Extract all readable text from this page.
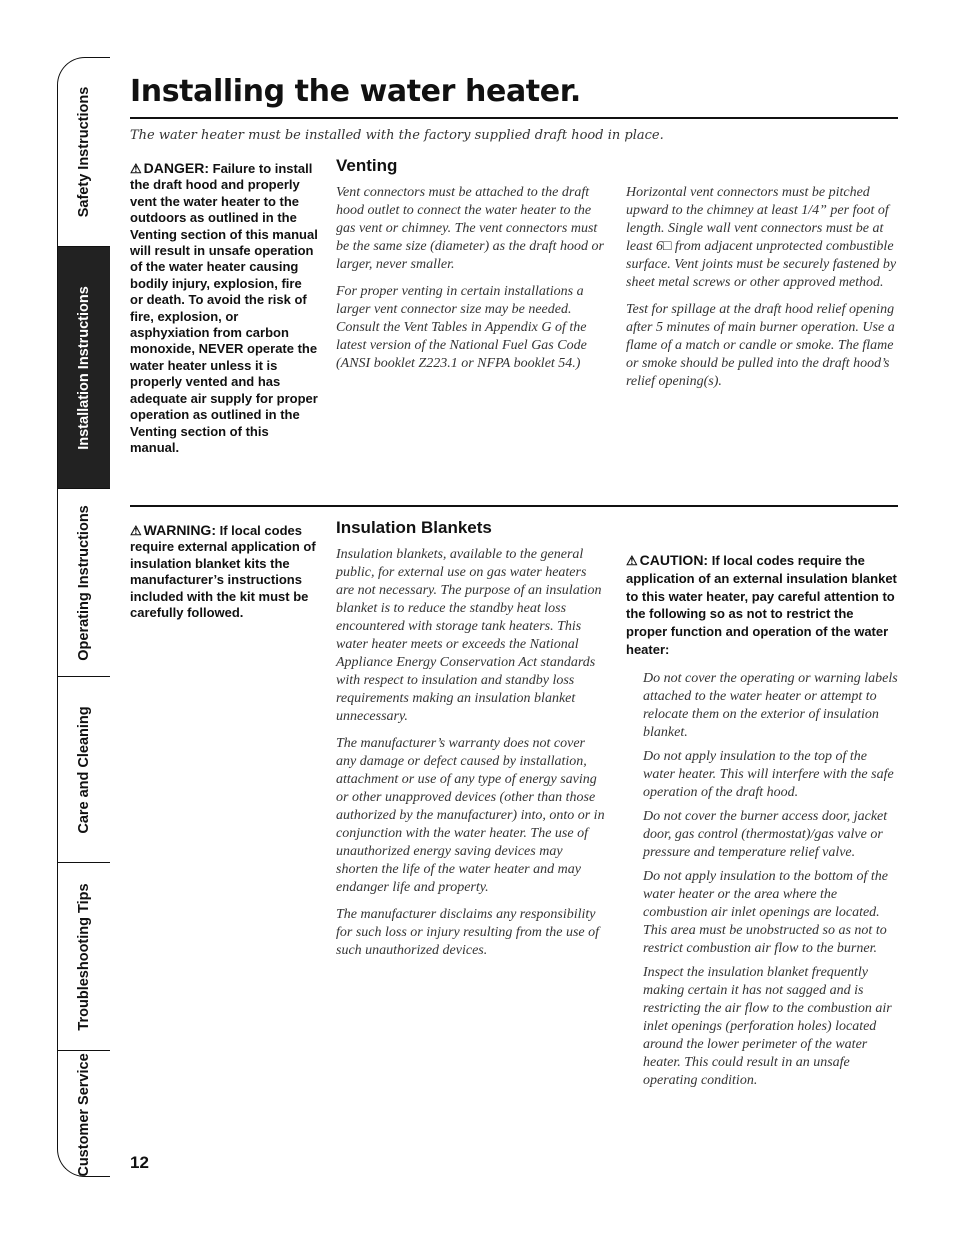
Safety Instructions
Installation Instructions
Operating Instructions
Care and Cleaning
Troubleshooting Tips
Customer Service
Installing the water heater.

The water heater must be installed with the factory supplied draft hood in place.

⚠ DANGER: Failure to install the draft hood and properly vent the water heater to the outdoors as outlined in the Venting section of this manual will result in unsafe operation of the water heater causing bodily injury, explosion, fire or death. To avoid the risk of fire, explosion, or asphyxiation from carbon monoxide, NEVER operate the water heater unless it is properly vented and has adequate air supply for proper operation as outlined in the Venting section of this manual.

Venting

Vent connectors must be attached to the draft hood outlet to connect the water heater to the gas vent or chimney. The vent connectors must be the same size (diameter) as the draft hood or larger, never smaller.

For proper venting in certain installations a larger vent connector size may be needed. Consult the Vent Tables in Appendix G of the latest version of the National Fuel Gas Code (ANSI booklet Z223.1 or NFPA booklet 54.)

Horizontal vent connectors must be pitched upward to the chimney at least 1/4” per foot of length. Single wall vent connectors must be at least 6□ from adjacent unprotected combustible surface. Vent joints must be securely fastened by sheet metal screws or other approved method.

Test for spillage at the draft hood relief opening after 5 minutes of main burner operation. Use a flame of a match or candle or smoke. The flame or smoke should be pulled into the draft hood’s relief opening(s).

⚠ WARNING: If local codes require external application of insulation blanket kits the manufacturer’s instructions included with the kit must be carefully followed.

Insulation Blankets

Insulation blankets, available to the general public, for external use on gas water heaters are not necessary. The purpose of an insulation blanket is to reduce the standby heat loss encountered with storage tank heaters. This water heater meets or exceeds the National Appliance Energy Conservation Act standards with respect to insulation and standby loss requirements making an insulation blanket unnecessary.

The manufacturer’s warranty does not cover any damage or defect caused by installation, attachment or use of any type of energy saving or other unapproved devices (other than those authorized by the manufacturer) into, onto or in conjunction with the water heater. The use of unauthorized energy saving devices may shorten the life of the water heater and may endanger life and property.

The manufacturer disclaims any responsibility for such loss or injury resulting from the use of such unauthorized devices.

⚠ CAUTION: If local codes require the application of an external insulation blanket to this water heater, pay careful attention to the following so as not to restrict the proper function and operation of the water heater:

Do not cover the operating or warning labels attached to the water heater or attempt to relocate them on the exterior of insulation blanket.

Do not apply insulation to the top of the water heater. This will interfere with the safe operation of the draft hood.

Do not cover the burner access door, jacket door, gas control (thermostat)/gas valve or pressure and temperature relief valve.

Do not apply insulation to the bottom of the water heater or the area where the combustion air inlet openings are located. This area must be unobstructed so as not to restrict combustion air flow to the burner.

Inspect the insulation blanket frequently making certain it has not sagged and is restricting the air flow to the combustion air inlet openings (perforation holes) located around the lower perimeter of the water heater. This could result in an unsafe operating condition.

12
